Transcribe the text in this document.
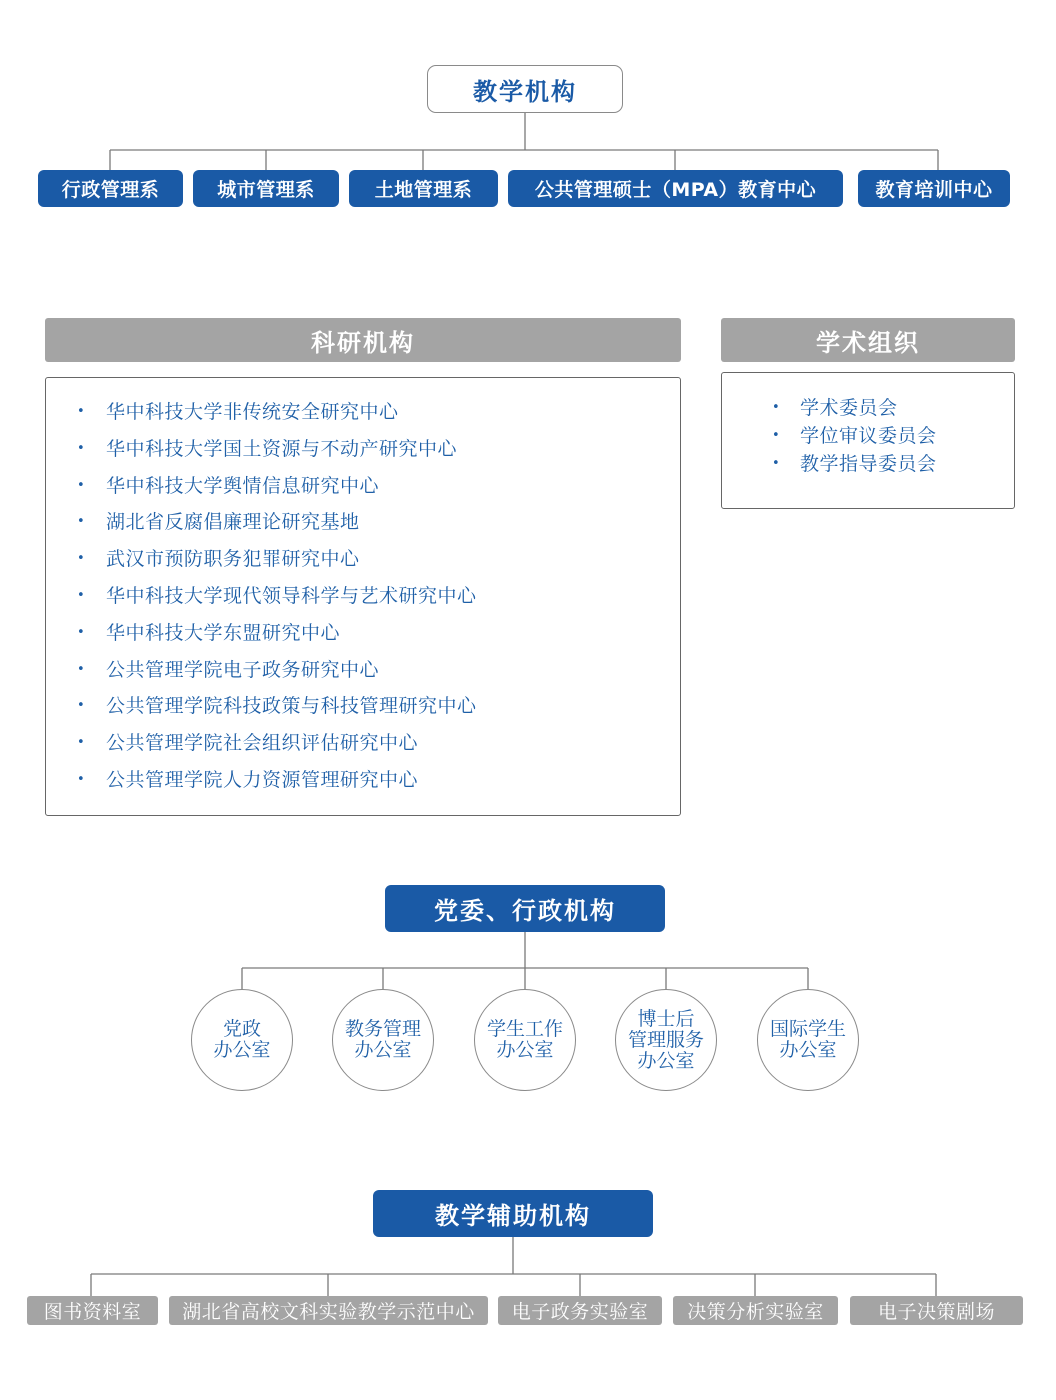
教学机构
行政管理系	城市管理系	土地管理系	公共管理硕士（MPA）教育中心	教育培训中心
科研机构
•
华中科技大学非传统安全研究中心
•
华中科技大学国土资源与不动产研究中心
•
华中科技大学舆情信息研究中心
•
湖北省反腐倡廉理论研究基地
•
武汉市预防职务犯罪研究中心
•
华中科技大学现代领导科学与艺术研究中心
•
华中科技大学东盟研究中心
•
公共管理学院电子政务研究中心
•
公共管理学院科技政策与科技管理研究中心
•
公共管理学院社会组织评估研究中心
•
公共管理学院人力资源管理研究中心
学术组织
•
学术委员会
•
学位审议委员会
•
教学指导委员会
党委、行政机构
党政
办公室
教务管理
办公室
学生工作
办公室
博士后
管理服务
办公室
国际学生
办公室
教学辅助机构
图书资料室 湖北省高校文科实验教学示范中心 电子政务实验室 决策分析实验室	电子决策剧场
